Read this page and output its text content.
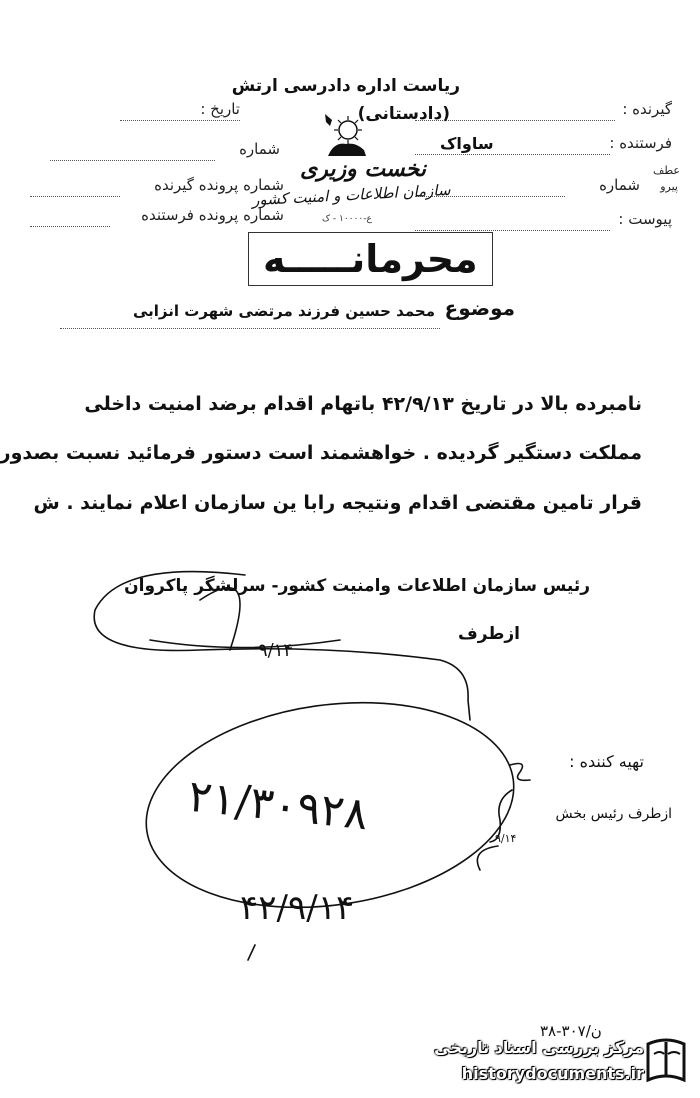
ریاست اداره دادرسی ارتش
(دادستانی)	گیرنده :
فرستنده :
ساواک
شماره
عطف
پیرو
پیوست :
نخست وزیری
سازمان اطلاعات و امنیت کشور
ع-۱۰۰۰۰ - ک
تاریخ :
شماره
شماره پرونده گیرنده
شماره پرونده فرستنده
محرمانـــــه
موضوع
محمد حسین فرزند مرتضی شهرت انزابی
نامبرده بالا در تاریخ ۴۲/۹/۱۳ باتهام اقدام برضد امنیت داخلی
مملکت دستگیر گردیده . خواهشمند است دستور فرمائید نسبت بصدور
قرار تامین مقتضی اقدام ونتیجه رابا ین سازمان اعلام نمایند . ش
رئیس سازمان اطلاعات وامنیت کشور- سرلشگر پاکروان
ازطرف
۹/۱۴
تهیه کننده :
ازطرف رئیس بخش
۹/۱۴
۲۱/۳۰۹۲۸
۴۲/۹/۱۴
۳۸-۳۰۷/ن
مرکز بررسی اسناد تاریخی
historydocuments.ir
